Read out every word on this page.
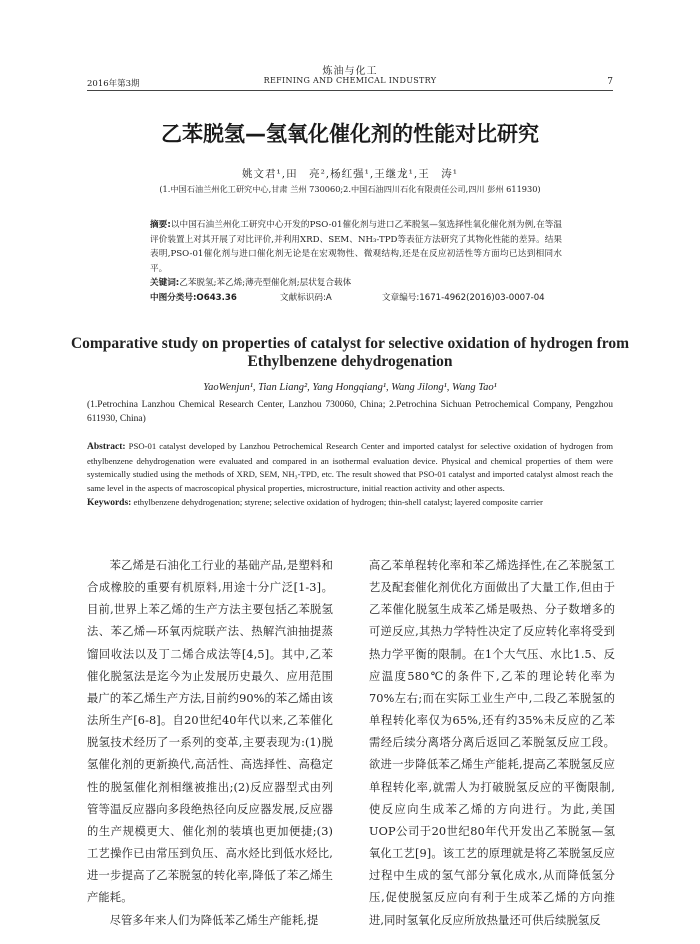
炼油与化工
REFINING AND CHEMICAL INDUSTRY
2016年第3期	7
乙苯脱氢—氢氧化催化剂的性能对比研究
姚文君¹,田　亮²,杨红强¹,王继龙¹,王　涛¹
(1.中国石油兰州化工研究中心,甘肃 兰州 730060;2.中国石油四川石化有限责任公司,四川 彭州 611930)

摘要:以中国石油兰州化工研究中心开发的PSO-01催化剂与进口乙苯脱氢—氢选择性氧化催化剂为例,在等温评价装置上对其开展了对比评价,并利用XRD、SEM、NH₃-TPD等表征方法研究了其物化性能的差异。结果表明,PSO-01催化剂与进口催化剂无论是在宏观物性、微观结构,还是在反应初活性等方面均已达到相同水平。

关键词:乙苯脱氢;苯乙烯;薄壳型催化剂;层状复合载体

中图分类号:O643.36	文献标识码:A	文章编号:1671-4962(2016)03-0007-04
Comparative study on properties of catalyst for selective oxidation of hydrogen from Ethylbenzene dehydrogenation
YaoWenjun¹, Tian Liang², Yang Hongqiang¹, Wang Jilong¹, Wang Tao¹
(1.Petrochina Lanzhou Chemical Research Center, Lanzhou 730060, China; 2.Petrochina Sichuan Petrochemical Company, Pengzhou 611930, China)

Abstract: PSO-01 catalyst developed by Lanzhou Petrochemical Research Center and imported catalyst for selective oxidation of hydrogen from ethylbenzene dehydrogenation were evaluated and compared in an isothermal evaluation device. Physical and chemical properties of them were systemically studied using the methods of XRD, SEM, NH₃-TPD, etc. The result showed that PSO-01 catalyst and imported catalyst almost reach the same level in the aspects of macroscopical physical properties, microstructure, initial reaction activity and other aspects.

Keywords: ethylbenzene dehydrogenation; styrene; selective oxidation of hydrogen; thin-shell catalyst; layered composite carrier

苯乙烯是石油化工行业的基础产品,是塑料和合成橡胶的重要有机原料,用途十分广泛[1-3]。目前,世界上苯乙烯的生产方法主要包括乙苯脱氢法、苯乙烯—环氧丙烷联产法、热解汽油抽提蒸馏回收法以及丁二烯合成法等[4,5]。其中,乙苯催化脱氢法是迄今为止发展历史最久、应用范围最广的苯乙烯生产方法,目前约90%的苯乙烯由该法所生产[6-8]。自20世纪40年代以来,乙苯催化脱氢技术经历了一系列的变革,主要表现为:(1)脱氢催化剂的更新换代,高活性、高选择性、高稳定性的脱氢催化剂相继被推出;(2)反应器型式由列管等温反应器向多段绝热径向反应器发展,反应器的生产规模更大、催化剂的装填也更加便捷;(3)工艺操作已由常压到负压、高水烃比到低水烃比,进一步提高了乙苯脱氢的转化率,降低了苯乙烯生产能耗。

尽管多年来人们为降低苯乙烯生产能耗,提

高乙苯单程转化率和苯乙烯选择性,在乙苯脱氢工艺及配套催化剂优化方面做出了大量工作,但由于乙苯催化脱氢生成苯乙烯是吸热、分子数增多的可逆反应,其热力学特性决定了反应转化率将受到热力学平衡的限制。在1个大气压、水比1.5、反应温度580℃的条件下,乙苯的理论转化率为70%左右;而在实际工业生产中,二段乙苯脱氢的单程转化率仅为65%,还有约35%未反应的乙苯需经后续分离塔分离后返回乙苯脱氢反应工段。欲进一步降低苯乙烯生产能耗,提高乙苯脱氢反应单程转化率,就需人为打破脱氢反应的平衡限制,使反应向生成苯乙烯的方向进行。为此,美国UOP公司于20世纪80年代开发出乙苯脱氢—氢氧化工艺[9]。该工艺的原理就是将乙苯脱氢反应过程中生成的氢气部分氧化成水,从而降低氢分压,促使脱氢反应向有利于生成苯乙烯的方向推进,同时氢氧化反应所放热量还可供后续脱氢反
